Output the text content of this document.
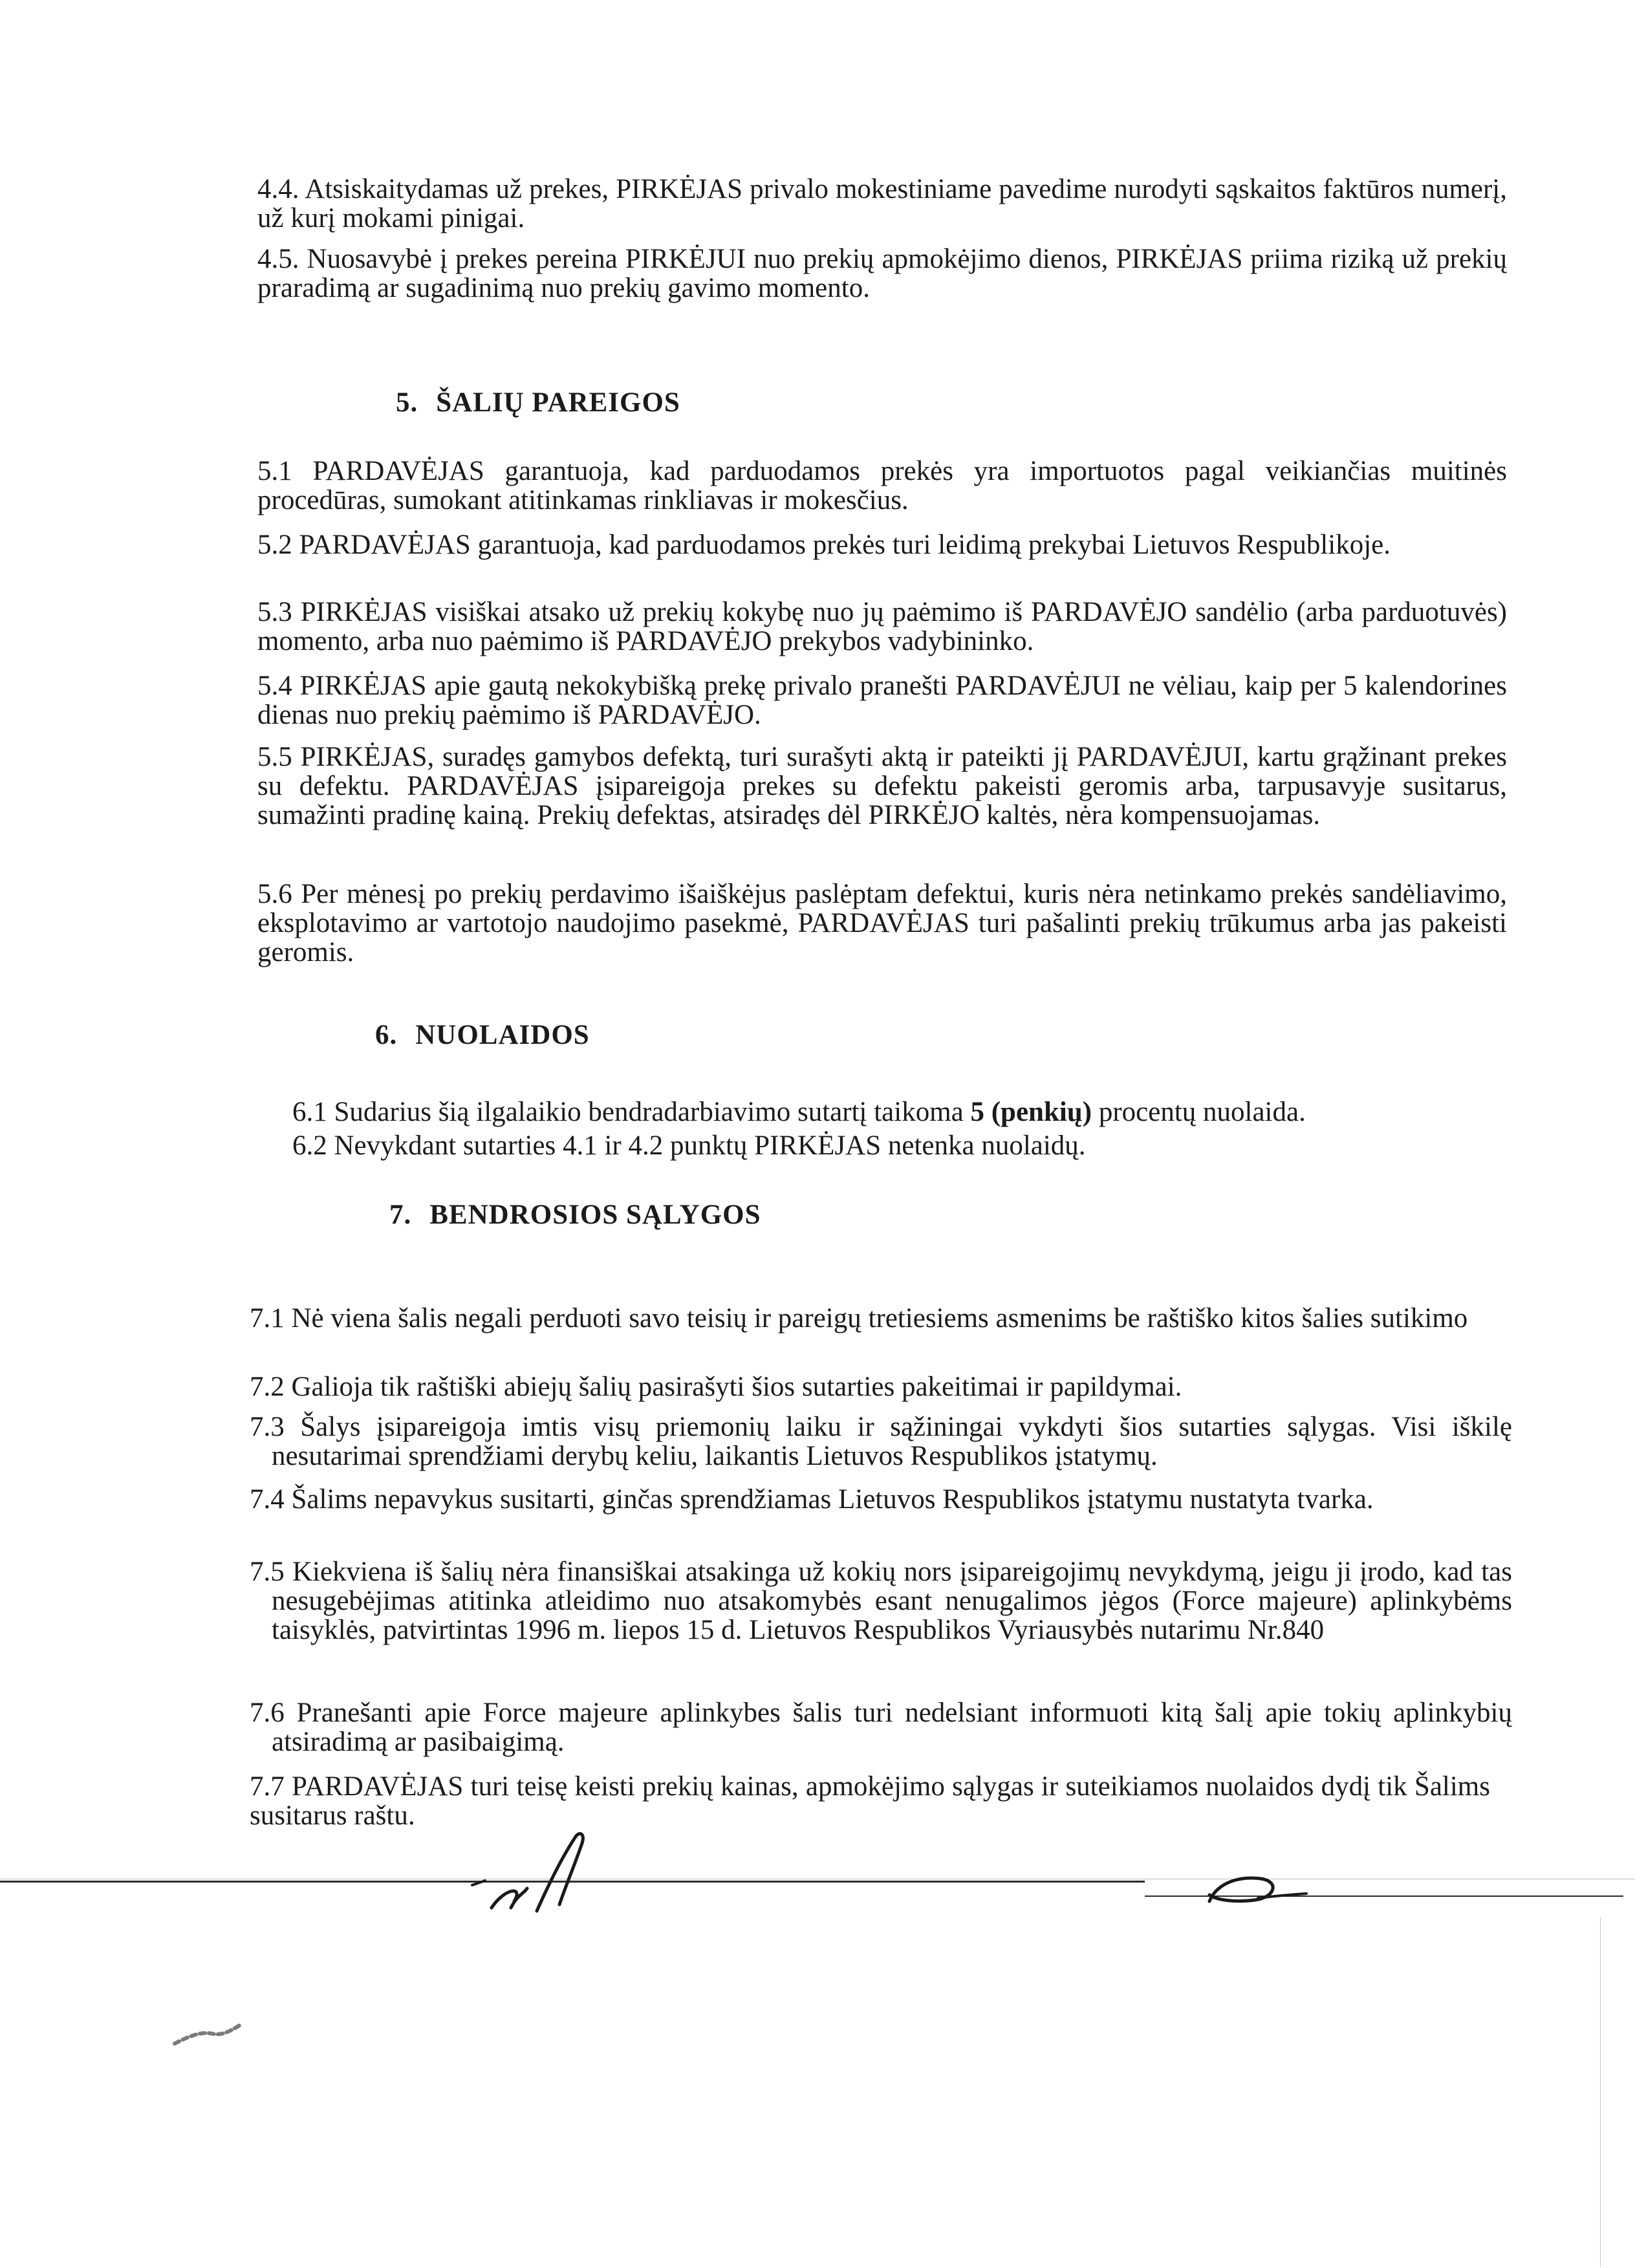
4.4. Atsiskaitydamas už prekes, PIRKĖJAS privalo mokestiniame pavedime nurodyti sąskaitos faktūros numerį, už kurį mokami pinigai.

4.5. Nuosavybė į prekes pereina PIRKĖJUI nuo prekių apmokėjimo dienos, PIRKĖJAS priima riziką už prekių praradimą ar sugadinimą nuo prekių gavimo momento.

5. ŠALIŲ PAREIGOS

5.1 PARDAVĖJAS garantuoja, kad parduodamos prekės yra importuotos pagal veikiančias muitinės procedūras, sumokant atitinkamas rinkliavas ir mokesčius.

5.2 PARDAVĖJAS garantuoja, kad parduodamos prekės turi leidimą prekybai Lietuvos Respublikoje.

5.3 PIRKĖJAS visiškai atsako už prekių kokybę nuo jų paėmimo iš PARDAVĖJO sandėlio (arba parduotuvės) momento, arba nuo paėmimo iš PARDAVĖJO prekybos vadybininko.

5.4 PIRKĖJAS apie gautą nekokybišką prekę privalo pranešti PARDAVĖJUI ne vėliau, kaip per 5 kalendorines dienas nuo prekių paėmimo iš PARDAVĖJO.

5.5 PIRKĖJAS, suradęs gamybos defektą, turi surašyti aktą ir pateikti jį PARDAVĖJUI, kartu grąžinant prekes su defektu. PARDAVĖJAS įsipareigoja prekes su defektu pakeisti geromis arba, tarpusavyje susitarus, sumažinti pradinę kainą. Prekių defektas, atsiradęs dėl PIRKĖJO kaltės, nėra kompensuojamas.

5.6 Per mėnesį po prekių perdavimo išaiškėjus paslėptam defektui, kuris nėra netinkamo prekės sandėliavimo, eksplotavimo ar vartotojo naudojimo pasekmė, PARDAVĖJAS turi pašalinti prekių trūkumus arba jas pakeisti geromis.

6. NUOLAIDOS

6.1 Sudarius šią ilgalaikio bendradarbiavimo sutartį taikoma 5 (penkių) procentų nuolaida.

6.2 Nevykdant sutarties 4.1 ir 4.2 punktų PIRKĖJAS netenka nuolaidų.

7. BENDROSIOS SĄLYGOS

7.1 Nė viena šalis negali perduoti savo teisių ir pareigų tretiesiems asmenims be raštiško kitos šalies sutikimo

7.2 Galioja tik raštiški abiejų šalių pasirašyti šios sutarties pakeitimai ir papildymai.

7.3 Šalys įsipareigoja imtis visų priemonių laiku ir sąžiningai vykdyti šios sutarties sąlygas. Visi iškilę nesutarimai sprendžiami derybų keliu, laikantis Lietuvos Respublikos įstatymų.

7.4 Šalims nepavykus susitarti, ginčas sprendžiamas Lietuvos Respublikos įstatymu nustatyta tvarka.

7.5 Kiekviena iš šalių nėra finansiškai atsakinga už kokių nors įsipareigojimų nevykdymą, jeigu ji įrodo, kad tas nesugebėjimas atitinka atleidimo nuo atsakomybės esant nenugalimos jėgos (Force majeure) aplinkybėms taisyklės, patvirtintas 1996 m. liepos 15 d. Lietuvos Respublikos Vyriausybės nutarimu Nr.840

7.6 Pranešanti apie Force majeure aplinkybes šalis turi nedelsiant informuoti kitą šalį apie tokių aplinkybių atsiradimą ar pasibaigimą.

7.7 PARDAVĖJAS turi teisę keisti prekių kainas, apmokėjimo sąlygas ir suteikiamos nuolaidos dydį tik Šalims susitarus raštu.
